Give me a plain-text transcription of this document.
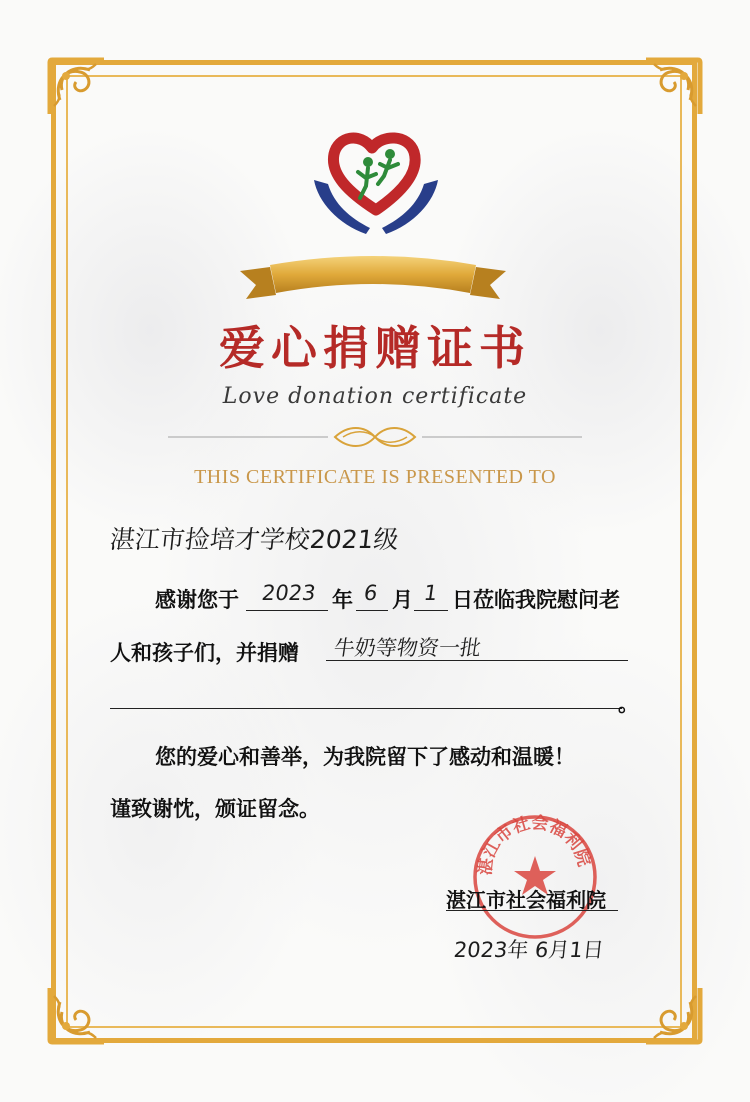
爱心捐赠证书
Love donation certificate
THIS CERTIFICATE IS PRESENTED TO
湛江市捡培才学校2021级
感谢您于 2023 年 6 月 1 日莅临我院慰问老
人和孩子们，并捐赠 牛奶等物资一批
。
您的爱心和善举，为我院留下了感动和温暖！
谨致谢忱，颁证留念。
湛江市社会福利院
湛江市社会福利院
2023年 6月1日
